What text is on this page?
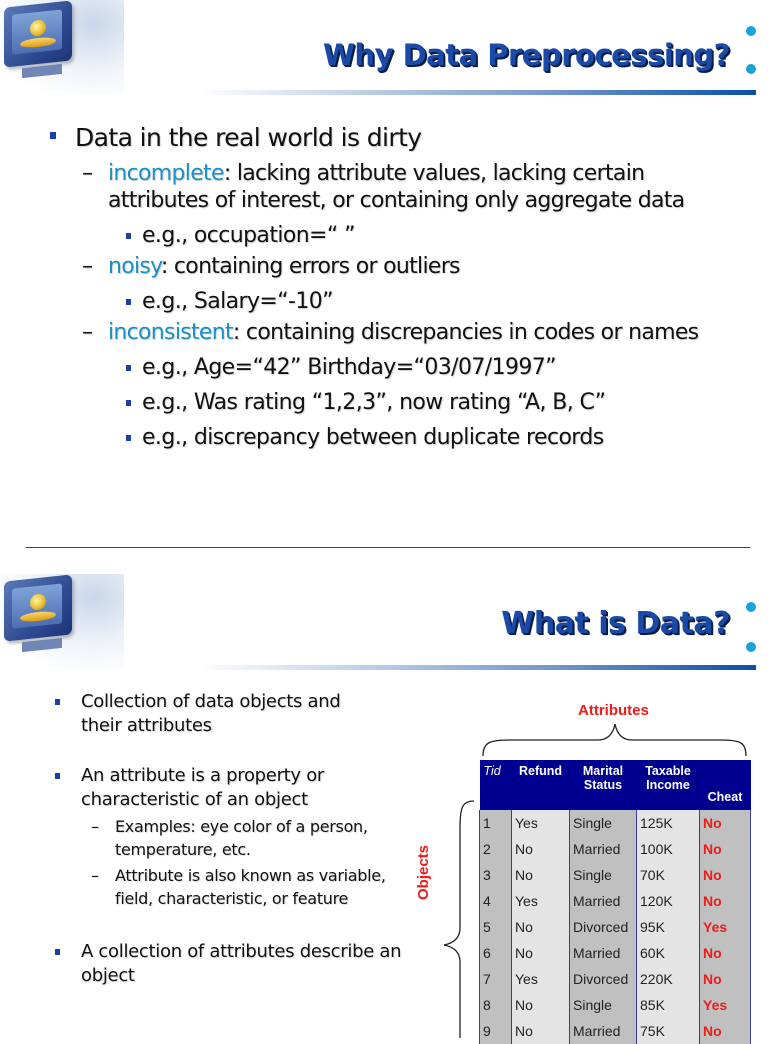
Why Data Preprocessing?
Data in the real world is dirty
– incomplete: lacking attribute values, lacking certain attributes of interest, or containing only aggregate data
e.g., occupation=“ ”
– noisy: containing errors or outliers
e.g., Salary=“-10”
– inconsistent: containing discrepancies in codes or names
e.g., Age=“42” Birthday=“03/07/1997”
e.g., Was rating “1,2,3”, now rating “A, B, C”
e.g., discrepancy between duplicate records
What is Data?
Collection of data objects and their attributes
An attribute is a property or characteristic of an object
– Examples: eye color of a person, temperature, etc.
– Attribute is also known as variable, field, characteristic, or feature
A collection of attributes describe an object
Attributes
Objects
Tid	Refund	Marital Status	Taxable Income	Cheat
1	Yes	Single	125K	No
2	No	Married	100K	No
3	No	Single	70K	No
4	Yes	Married	120K	No
5	No	Divorced	95K	Yes
6	No	Married	60K	No
7	Yes	Divorced	220K	No
8	No	Single	85K	Yes
9	No	Married	75K	No
